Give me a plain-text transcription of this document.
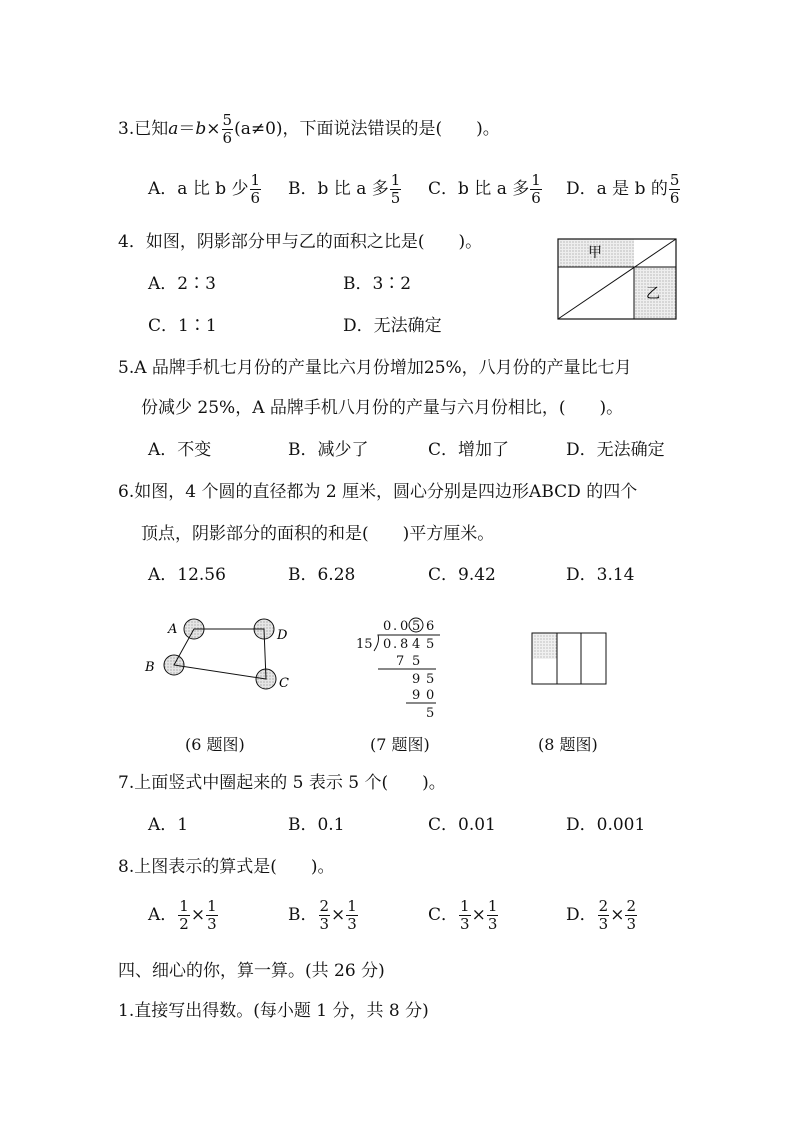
3.已知$a=b\times \frac{5}{6} (a\ne 0)$，下面说法错误的是(　　)。
A．a 比 b 少 $\frac{1}{6}$ B．b 比 a 多 $\frac{1}{5}$ C．b 比 a 多 $\frac{1}{6}$ D．a 是 b 的 $\frac{5}{6}$
4．如图，阴影部分甲与乙的面积之比是(　　)。
A．2∶3	B．3∶2
C．1∶1	D．无法确定
甲
乙
5.A 品牌手机七月份的产量比六月份增加25%，八月份的产量比七月
份减少 25%，A 品牌手机八月份的产量与六月份相比，(　　)。
A．不变	B．减少了	C．增加了	D．无法确定
6.如图，4 个圆的直径都为 2 厘米，圆心分别是四边形ABCD 的四个
顶点，阴影部分的面积的和是(　　)平方厘米。
A．12.56	B．6.28	C．9.42	D．3.14
A	D
B
C
(6 题图)
0 . 0 5 6
15 0 . 8 4 5
7 5
9 5
9 0
5
(7 题图)	(8 题图)
7.上面竖式中圈起来的 5 表示 5 个(　　)。
A．1	B．0.1	C．0.01	D．0.001
8.上图表示的算式是(　　)。
A． $\frac{1}{2} \times \frac{1}{3}$	B． $\frac{2}{3} \times \frac{1}{3}$	C． $\frac{1}{3} \times \frac{1}{3}$	D． $\frac{2}{3} \times \frac{2}{3}$
四、细心的你，算一算。(共 26 分)
1.直接写出得数。(每小题 1 分，共 8 分)
